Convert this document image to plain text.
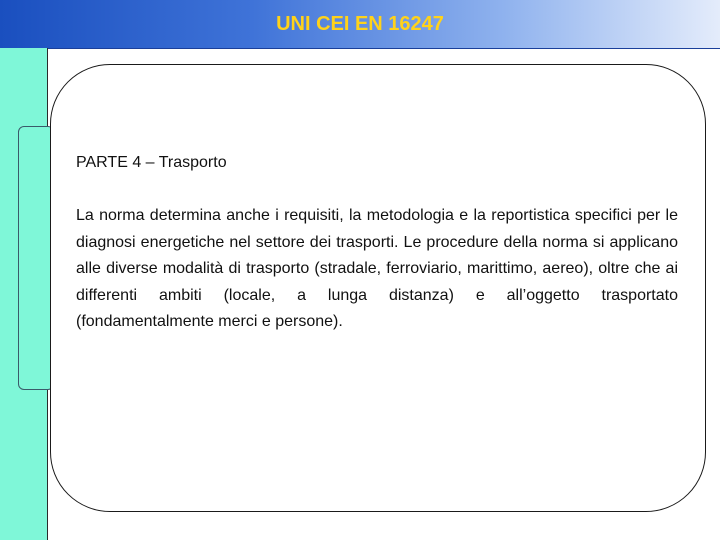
UNI CEI EN 16247

PARTE 4 – Trasporto

La norma determina anche i requisiti, la metodologia e la reportistica specifici per le diagnosi energetiche nel settore dei trasporti. Le procedure della norma si applicano alle diverse modalità di trasporto (stradale, ferroviario, marittimo, aereo), oltre che ai differenti ambiti (locale, a lunga distanza) e all’oggetto trasportato (fondamentalmente merci e persone).
